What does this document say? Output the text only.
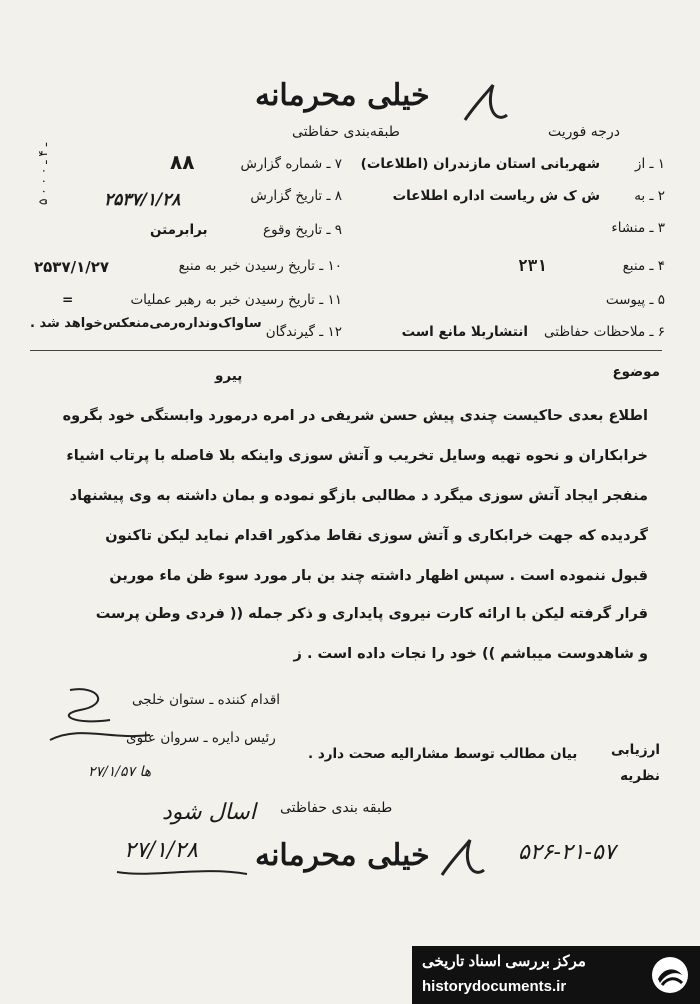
خیلی محرمانه
طبقه‌بندی حفاظتی	درجه فوریت
۵ ـ ۴ ـ ۰ ۰ ۰
۱ ـ از
شهربانی استان مازندران (اطلاعات)
۲ ـ به
ش ک ش ریاست اداره اطلاعات
۳ ـ منشاء
۴ ـ منبع
۲۳۱
۵ ـ پیوست
۶ ـ ملاحظات حفاظتی
انتشاربلا مانع است
۷ ـ شماره گزارش
۸۸
۸ ـ تاریخ گزارش
۲۵۳۷/۱/۲۸
۹ ـ تاریخ وقوع
برابرمتن
۱۰ ـ تاریخ رسیدن خبر به منبع
۲۵۳۷/۱/۲۷
۱۱ ـ تاریخ رسیدن خبر به رهبر عملیات
=
۱۲ ـ گیرندگان
ساواک‌ونداره‌رمی‌منعکس‌خواهد شد .
موضوع
پیرو
اطلاع بعدی حاکیست چندی پیش حسن شریفی در امره درمورد وابستگی خود بگروه
خرابکاران و نحوه تهیه وسایل تخریب و آتش سوزی واینکه بلا فاصله با پرتاب اشیاء
منفجر ایجاد آتش سوزی میگرد د مطالبی بازگو نموده و بمان داشته به وی پیشنهاد
گردیده که جهت خرابکاری و آتش سوزی نقاط مذکور اقدام نماید لیکن تاکنون
قبول ننموده است . سپس اظهار داشته چند بن بار مورد سوء ظن ماء مورین
قرار گرفته لیکن با ارائه کارت نیروی پایداری و ذکر جمله (( فردی وطن پرست
و شاهدوست میباشم )) خود را نجات داده است . ز
اقدام کننده ـ ستوان خلجی
رئیس دایره ـ سروان علوی
۲۷/۱/۵۷ ها
ارزیابی
بیان مطالب توسط مشارالیه صحت دارد .
نظریه
اسال شود
۲۷/۱/۲۸
طبقه بندی حفاظتی
خیلی محرمانه	۵۲۶-۲۱-۵۷
مرکز بررسی اسناد تاریخی
historydocuments.ir
